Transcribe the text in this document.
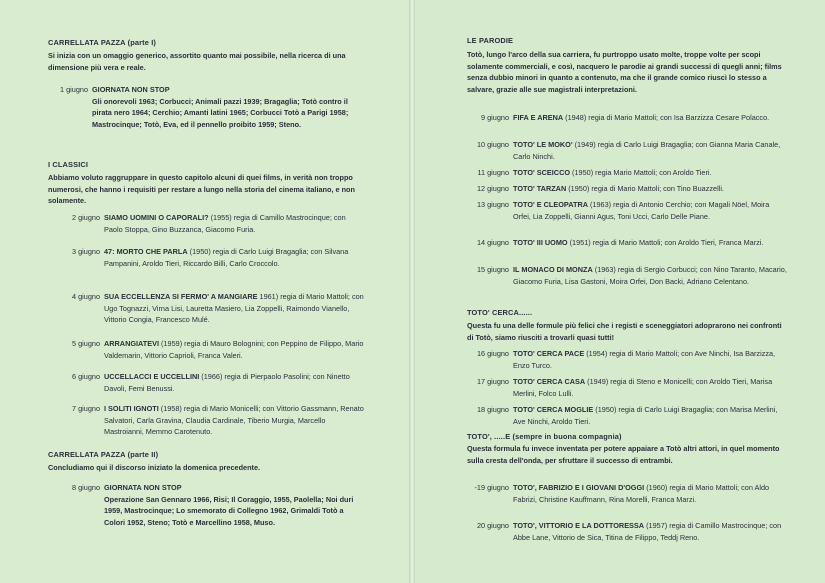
CARRELLATA PAZZA (parte I)

Si inizia con un omaggio generico, assortito quanto mai possibile, nella ricerca di una dimensione più vera e reale.

1 giugno GIORNATA NON STOP
Gli onorevoli 1963; Corbucci; Animali pazzi 1939; Bragaglia; Totò contro il pirata nero 1964; Cerchio; Amanti latini 1965; Corbucci Totò a Parigi 1958; Mastrocinque; Totò, Eva, ed il pennello proibito 1959; Steno.
I CLASSICI

Abbiamo voluto raggruppare in questo capitolo alcuni di quei films, in verità non troppo numerosi, che hanno i requisiti per restare a lungo nella storia del cinema italiano, e non solamente.

2 giugno SIAMO UOMINI O CAPORALI? (1955) regia di Camillo Mastrocinque; con Paolo Stoppa, Gino Buzzanca, Giacomo Furia.
3 giugno 47: MORTO CHE PARLA (1950) regia di Carlo Luigi Bragaglia; con Silvana Pampanini, Aroldo Tieri, Riccardo Billi, Carlo Croccolo.
4 giugno SUA ECCELLENZA SI FERMO' A MANGIARE 1961) regia di Mario Mattoli; con Ugo Tognazzi, Virna Lisi, Lauretta Masiero, Lia Zoppelli, Raimondo Vianello, Vittorio Congia, Francesco Mulé.
5 giugno ARRANGIATEVI (1959) regia di Mauro Bolognini; con Peppino de Filippo, Mario Valdemarin, Vittorio Caprioli, Franca Valeri.
6 giugno UCCELLACCI E UCCELLINI (1966) regia di Pierpaolo Pasolini; con Ninetto Davoli, Femi Benussi.
7 giugno I SOLITI IGNOTI (1958) regia di Mario Monicelli; con Vittorio Gassmann, Renato Salvatori, Carla Gravina, Claudia Cardinale, Tiberio Murgia, Marcello Mastroianni, Memmo Carotenuto.
CARRELLATA PAZZA (parte II)

Concludiamo qui il discorso iniziato la domenica precedente.

8 giugno GIORNATA NON STOP
Operazione San Gennaro 1966, Risi; Il Coraggio, 1955, Paolella; Noi duri 1959, Mastrocinque; Lo smemorato di Collegno 1962, Grimaldi Totò a Colori 1952, Steno; Totò e Marcellino 1958, Muso.
LE PARODIE

Totò, lungo l'arco della sua carriera, fu purtroppo usato molte, troppe volte per scopi solamente commerciali, e così, nacquero le parodie ai grandi successi di quegli anni; films senza dubbio minori in quanto a contenuto, ma che il grande comico riuscì lo stesso a salvare, grazie alle sue magistrali interpretazioni.

9 giugno FIFA E ARENA (1948) regia di Mario Mattoli; con Isa Barzizza Cesare Polacco.
10 giugno TOTO' LE MOKO' (1949) regia di Carlo Luigi Bragaglia; con Gianna Maria Canale, Carlo Ninchi.
11 giugno TOTO' SCEICCO (1950) regia Mario Mattoli; con Aroldo Tieri.
12 giugno TOTO' TARZAN (1950) regia di Mario Mattoli; con Tino Buazzelli.
13 giugno TOTO' E CLEOPATRA (1963) regia di Antonio Cerchio; con Magali Nöel, Moira Orfei, Lia Zoppelli, Gianni Agus, Toni Ucci, Carlo Delle Piane.
14 giugno TOTO' III UOMO (1951) regia di Mario Mattoli; con Aroldo Tieri, Franca Marzi.
15 giugno IL MONACO DI MONZA (1963) regia di Sergio Corbucci; con Nino Taranto, Macario, Giacomo Furia, Lisa Gastoni, Moira Orfei, Don Backi, Adriano Celentano.
TOTO' CERCA......

Questa fu una delle formule più felici che i registi e sceneggiatori adoprarono nei confronti di Totò, siamo riusciti a trovarli quasi tutti!

16 giugno TOTO' CERCA PACE (1954) regia di Mario Mattoli; con Ave Ninchi, Isa Barzizza, Enzo Turco.
17 giugno TOTO' CERCA CASA (1949) regia di Steno e Monicelli; con Aroldo Tieri, Marisa Merlini, Folco Lulli.
18 giugno TOTO' CERCA MOGLIE (1950) regia di Carlo Luigi Bragaglia; con Marisa Merlini, Ave Ninchi, Aroldo Tieri.
TOTO', .....E (sempre in buona compagnia)

Questa formula fu invece inventata per potere appaiare a Totò altri attori, in quel momento sulla cresta dell'onda, per sfruttare il successo di entrambi.

-19 giugno TOTO', FABRIZIO E I GIOVANI D'OGGI (1960) regia di Mario Mattoli; con Aldo Fabrizi, Christine Kauffmann, Rina Morelli, Franca Marzi.
20 giugno TOTO', VITTORIO E LA DOTTORESSA (1957) regia di Camillo Mastrocinque; con Abbe Lane, Vittorio de Sica, Titina de Filippo, Teddj Reno.
